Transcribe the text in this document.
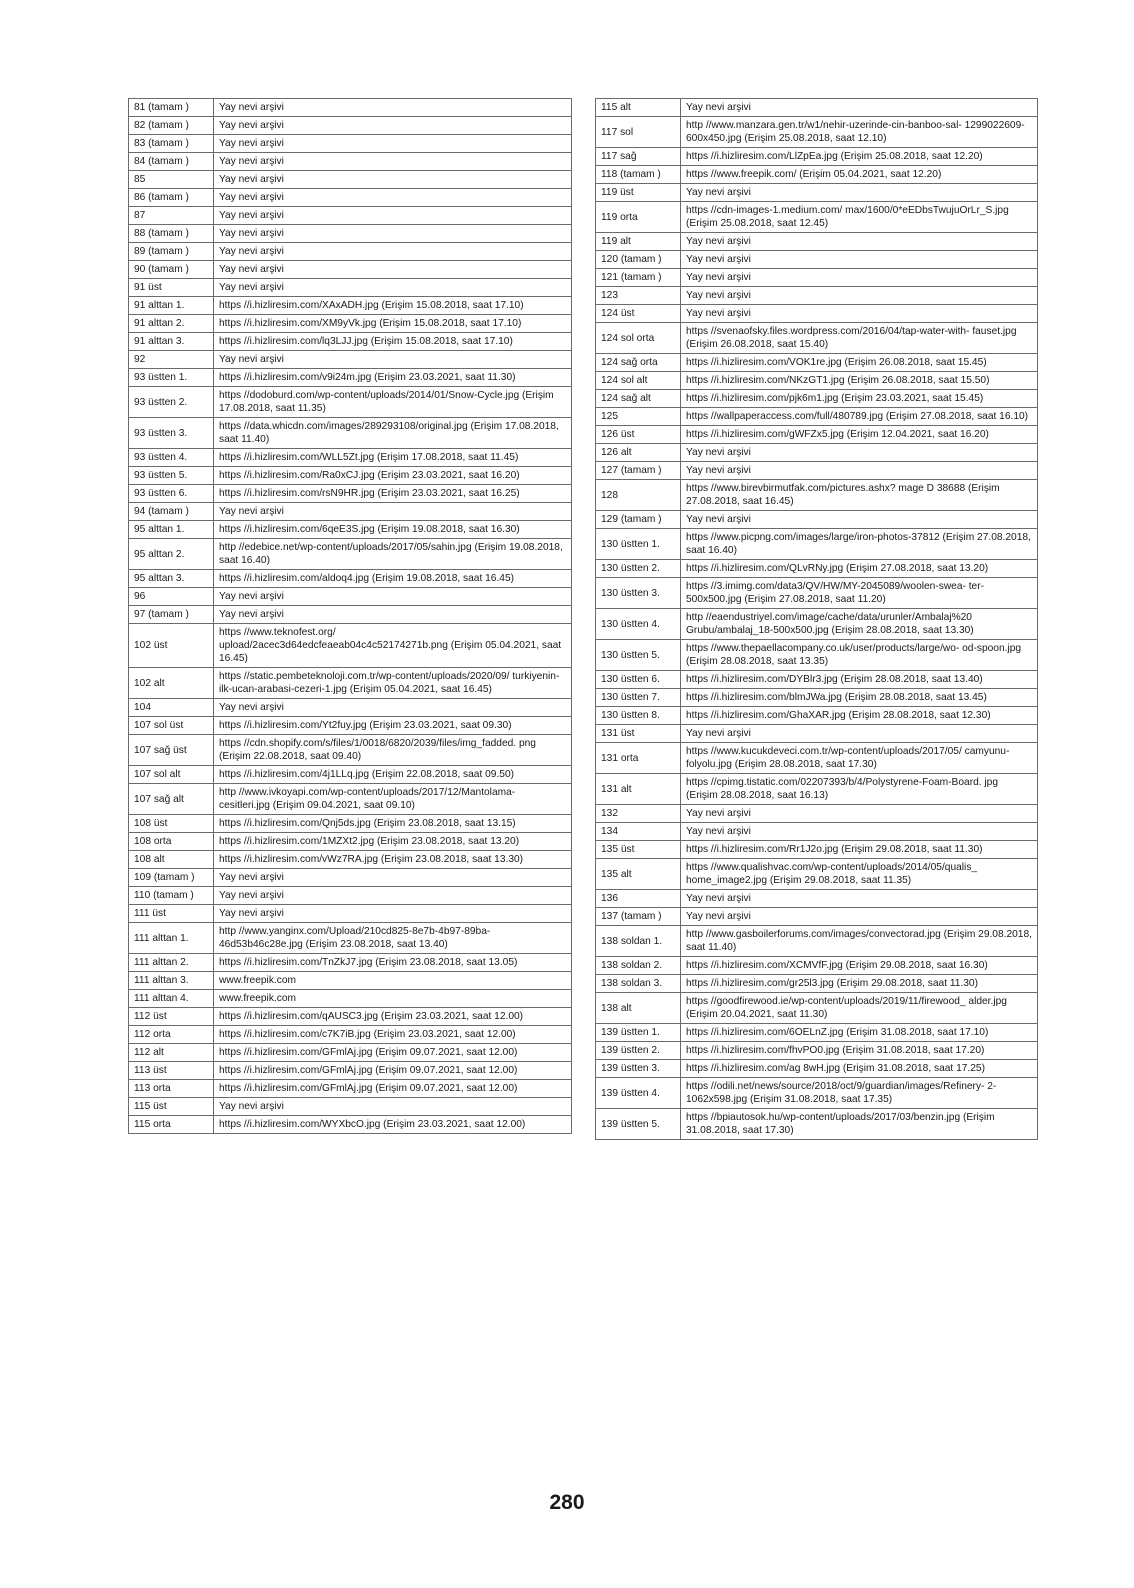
81 (tamam )	Yay nevi arşivi
82 (tamam )	Yay nevi arşivi
83 (tamam )	Yay nevi arşivi
84 (tamam )	Yay nevi arşivi
85	Yay nevi arşivi
86 (tamam )	Yay nevi arşivi
87	Yay nevi arşivi
88 (tamam )	Yay nevi arşivi
89 (tamam )	Yay nevi arşivi
90 (tamam )	Yay nevi arşivi
91 üst	Yay nevi arşivi
91 alttan 1.	https //i.hizliresim.com/XAxADH.jpg (Erişim 15.08.2018, saat 17.10)
91 alttan 2.	https //i.hizliresim.com/XM9yVk.jpg (Erişim 15.08.2018, saat 17.10)
91 alttan 3.	https //i.hizliresim.com/lq3LJJ.jpg (Erişim 15.08.2018, saat 17.10)
92	Yay nevi arşivi
93 üstten 1.	https //i.hizliresim.com/v9i24m.jpg (Erişim 23.03.2021, saat 11.30)
93 üstten 2.	https //dodoburd.com/wp-content/uploads/2014/01/Snow-Cycle.jpg (Erişim 17.08.2018, saat 11.35)
93 üstten 3.	https //data.whicdn.com/images/289293108/original.jpg (Erişim 17.08.2018, saat 11.40)
93 üstten 4.	https //i.hizliresim.com/WLL5Zt.jpg (Erişim 17.08.2018, saat 11.45)
93 üstten 5.	https //i.hizliresim.com/Ra0xCJ.jpg (Erişim 23.03.2021, saat 16.20)
93 üstten 6.	https //i.hizliresim.com/rsN9HR.jpg (Erişim 23.03.2021, saat 16.25)
94 (tamam )	Yay nevi arşivi
95 alttan 1.	https //i.hizliresim.com/6qeE3S.jpg (Erişim 19.08.2018, saat 16.30)
95 alttan 2.	http //edebice.net/wp-content/uploads/2017/05/sahin.jpg (Erişim 19.08.2018, saat 16.40)
95 alttan 3.	https //i.hizliresim.com/aldoq4.jpg (Erişim 19.08.2018, saat 16.45)
96	Yay nevi arşivi
97 (tamam )	Yay nevi arşivi
102 üst	https //www.teknofest.org/ upload/2acec3d64edcfeaeab04c4c52174271b.png (Erişim 05.04.2021, saat 16.45)
102 alt	https //static.pembeteknoloji.com.tr/wp-content/uploads/2020/09/ turkiyenin-ilk-ucan-arabasi-cezeri-1.jpg (Erişim 05.04.2021, saat 16.45)
104	Yay nevi arşivi
107 sol üst	https //i.hizliresim.com/Yt2fuy.jpg (Erişim 23.03.2021, saat 09.30)
107 sağ üst	https //cdn.shopify.com/s/files/1/0018/6820/2039/files/img_fadded. png (Erişim 22.08.2018, saat 09.40)
107 sol alt	https //i.hizliresim.com/4j1LLq.jpg (Erişim 22.08.2018, saat 09.50)
107 sağ alt	http //www.ivkoyapi.com/wp-content/uploads/2017/12/Mantolama- cesitleri.jpg (Erişim 09.04.2021, saat 09.10)
108 üst	https //i.hizliresim.com/Qnj5ds.jpg (Erişim 23.08.2018, saat 13.15)
108 orta	https //i.hizliresim.com/1MZXt2.jpg (Erişim 23.08.2018, saat 13.20)
108 alt	https //i.hizliresim.com/vWz7RA.jpg (Erişim 23.08.2018, saat 13.30)
109 (tamam )	Yay nevi arşivi
110 (tamam )	Yay nevi arşivi
111 üst	Yay nevi arşivi
111 alttan 1.	http //www.yanginx.com/Upload/210cd825-8e7b-4b97-89ba- 46d53b46c28e.jpg (Erişim 23.08.2018, saat 13.40)
111 alttan 2.	https //i.hizliresim.com/TnZkJ7.jpg (Erişim 23.08.2018, saat 13.05)
111 alttan 3.	www.freepik.com
111 alttan 4.	www.freepik.com
112 üst	https //i.hizliresim.com/qAUSC3.jpg (Erişim 23.03.2021, saat 12.00)
112 orta	https //i.hizliresim.com/c7K7iB.jpg (Erişim 23.03.2021, saat 12.00)
112 alt	https //i.hizliresim.com/GFmlAj.jpg (Erişim 09.07.2021, saat 12.00)
113 üst	https //i.hizliresim.com/GFmlAj.jpg (Erişim 09.07.2021, saat 12.00)
113 orta	https //i.hizliresim.com/GFmlAj.jpg (Erişim 09.07.2021, saat 12.00)
115 üst	Yay nevi arşivi
115 orta	https //i.hizliresim.com/WYXbcO.jpg (Erişim 23.03.2021, saat 12.00)
115 alt	Yay nevi arşivi
117 sol	http //www.manzara.gen.tr/w1/nehir-uzerinde-cin-banboo-sal- 1299022609-600x450.jpg (Erişim 25.08.2018, saat 12.10)
117 sağ	https //i.hizliresim.com/LlZpEa.jpg (Erişim 25.08.2018, saat 12.20)
118 (tamam )	https //www.freepik.com/ (Erişim 05.04.2021, saat 12.20)
119 üst	Yay nevi arşivi
119 orta	https //cdn-images-1.medium.com/ max/1600/0*eEDbsTwujuOrLr_S.jpg (Erişim 25.08.2018, saat 12.45)
119 alt	Yay nevi arşivi
120 (tamam )	Yay nevi arşivi
121 (tamam )	Yay nevi arşivi
123	Yay nevi arşivi
124 üst	Yay nevi arşivi
124 sol orta	https //svenaofsky.files.wordpress.com/2016/04/tap-water-with- fauset.jpg (Erişim 26.08.2018, saat 15.40)
124 sağ orta	https //i.hizliresim.com/VOK1re.jpg (Erişim 26.08.2018, saat 15.45)
124 sol alt	https //i.hizliresim.com/NKzGT1.jpg (Erişim 26.08.2018, saat 15.50)
124 sağ alt	https //i.hizliresim.com/pjk6m1.jpg (Erişim 23.03.2021, saat 15.45)
125	https //wallpaperaccess.com/full/480789.jpg (Erişim 27.08.2018, saat 16.10)
126 üst	https //i.hizliresim.com/gWFZx5.jpg (Erişim 12.04.2021, saat 16.20)
126 alt	Yay nevi arşivi
127 (tamam )	Yay nevi arşivi
128	https //www.birevbirmutfak.com/pictures.ashx? mage D 38688 (Erişim 27.08.2018, saat 16.45)
129 (tamam )	Yay nevi arşivi
130 üstten 1.	https //www.picpng.com/images/large/iron-photos-37812 (Erişim 27.08.2018, saat 16.40)
130 üstten 2.	https //i.hizliresim.com/QLvRNy.jpg (Erişim 27.08.2018, saat 13.20)
130 üstten 3.	https //3.imimg.com/data3/QV/HW/MY-2045089/woolen-swea- ter-500x500.jpg (Erişim 27.08.2018, saat 11.20)
130 üstten 4.	http //eaendustriyel.com/image/cache/data/urunler/Ambalaj%20 Grubu/ambalaj_18-500x500.jpg (Erişim 28.08.2018, saat 13.30)
130 üstten 5.	https //www.thepaellacompany.co.uk/user/products/large/wo- od-spoon.jpg (Erişim 28.08.2018, saat 13.35)
130 üstten 6.	https //i.hizliresim.com/DYBlr3.jpg (Erişim 28.08.2018, saat 13.40)
130 üstten 7.	https //i.hizliresim.com/blmJWa.jpg (Erişim 28.08.2018, saat 13.45)
130 üstten 8.	https //i.hizliresim.com/GhaXAR.jpg (Erişim 28.08.2018, saat 12.30)
131 üst	Yay nevi arşivi
131 orta	https //www.kucukdeveci.com.tr/wp-content/uploads/2017/05/ camyunu-folyolu.jpg (Erişim 28.08.2018, saat 17.30)
131 alt	https //cpimg.tistatic.com/02207393/b/4/Polystyrene-Foam-Board. jpg (Erişim 28.08.2018, saat 16.13)
132	Yay nevi arşivi
134	Yay nevi arşivi
135 üst	https //i.hizliresim.com/Rr1J2o.jpg (Erişim 29.08.2018, saat 11.30)
135 alt	https //www.qualishvac.com/wp-content/uploads/2014/05/qualis_ home_image2.jpg (Erişim 29.08.2018, saat 11.35)
136	Yay nevi arşivi
137 (tamam )	Yay nevi arşivi
138 soldan 1.	http //www.gasboilerforums.com/images/convectorad.jpg (Erişim 29.08.2018, saat 11.40)
138 soldan 2.	https //i.hizliresim.com/XCMVfF.jpg (Erişim 29.08.2018, saat 16.30)
138 soldan 3.	https //i.hizliresim.com/gr25l3.jpg (Erişim 29.08.2018, saat 11.30)
138 alt	https //goodfirewood.ie/wp-content/uploads/2019/11/firewood_ alder.jpg (Erişim 20.04.2021, saat 11.30)
139 üstten 1.	https //i.hizliresim.com/6OELnZ.jpg (Erişim 31.08.2018, saat 17.10)
139 üstten 2.	https //i.hizliresim.com/fhvPO0.jpg (Erişim 31.08.2018, saat 17.20)
139 üstten 3.	https //i.hizliresim.com/ag 8wH.jpg (Erişim 31.08.2018, saat 17.25)
139 üstten 4.	https //odili.net/news/source/2018/oct/9/guardian/images/Refinery- 2-1062x598.jpg (Erişim 31.08.2018, saat 17.35)
139 üstten 5.	https //bpiautosok.hu/wp-content/uploads/2017/03/benzin.jpg (Erişim 31.08.2018, saat 17.30)
280
